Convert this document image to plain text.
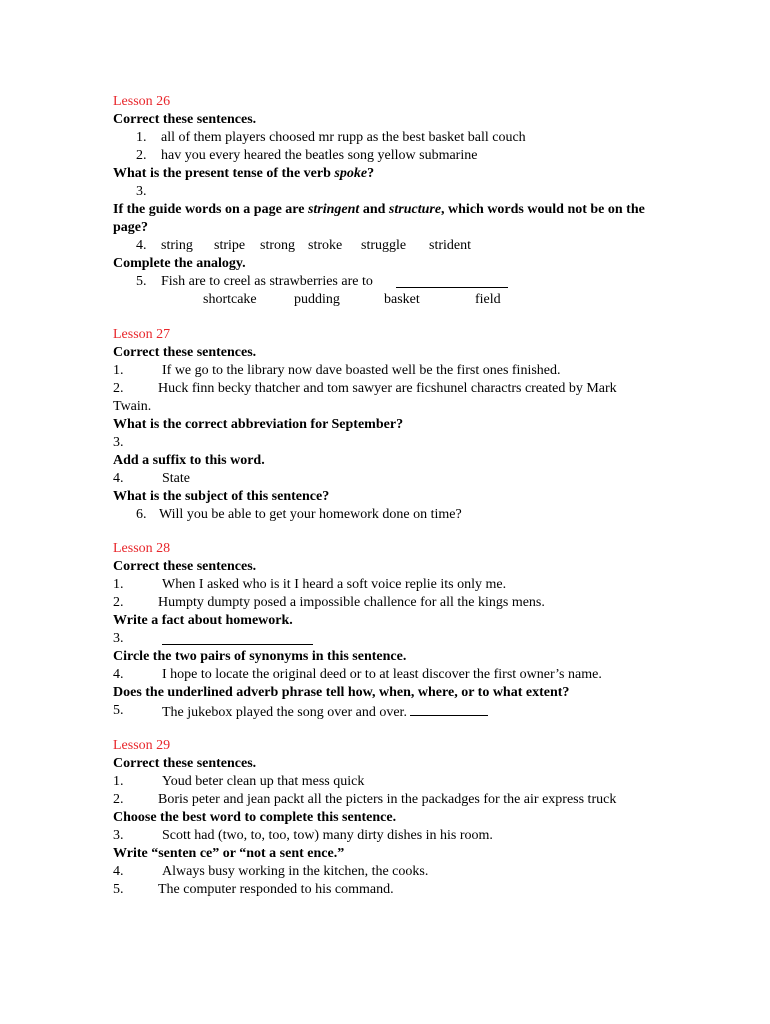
Lesson 26
Correct these sentences.
1. all of them players choosed mr rupp as the best basket ball couch
2. hav you every heared the beatles song yellow submarine
What is the present tense of the verb spoke?
3.
If the guide words on a page are stringent and structure, which words would not be on the page?
4. string stripe strong stroke struggle strident
Complete the analogy.
5. Fish are to creel as strawberries are to
shortcake	pudding	basket	field
Lesson 27
Correct these sentences.
1.	If we go to the library now dave boasted well be the first ones finished.
2. Huck finn becky thatcher and tom sawyer are ficshunel charactrs created by Mark Twain.
What is the correct abbreviation for September?
3.
Add a suffix to this word.
4.	State
What is the subject of this sentence?
6. Will you be able to get your homework done on time?
Lesson 28
Correct these sentences.
1.	When I asked who is it I heard a soft voice replie its only me.
2. Humpty dumpty posed a impossible challence for all the kings mens.
Write a fact about homework.
3.
Circle the two pairs of synonyms in this sentence.
4.	I hope to locate the original deed or to at least discover the first owner’s name.
Does the underlined adverb phrase tell how, when, where, or to what extent?
5.	The jukebox played the song over and over.
Lesson 29
Correct these sentences.
1.	Youd beter clean up that mess quick
2. Boris peter and jean packt all the picters in the packadges for the air express truck
Choose the best word to complete this sentence.
3.	Scott had (two, to, too, tow) many dirty dishes in his room.
Write “senten ce” or “not a sent ence.”
4.	Always busy working in the kitchen, the cooks.
5. The computer responded to his command.
